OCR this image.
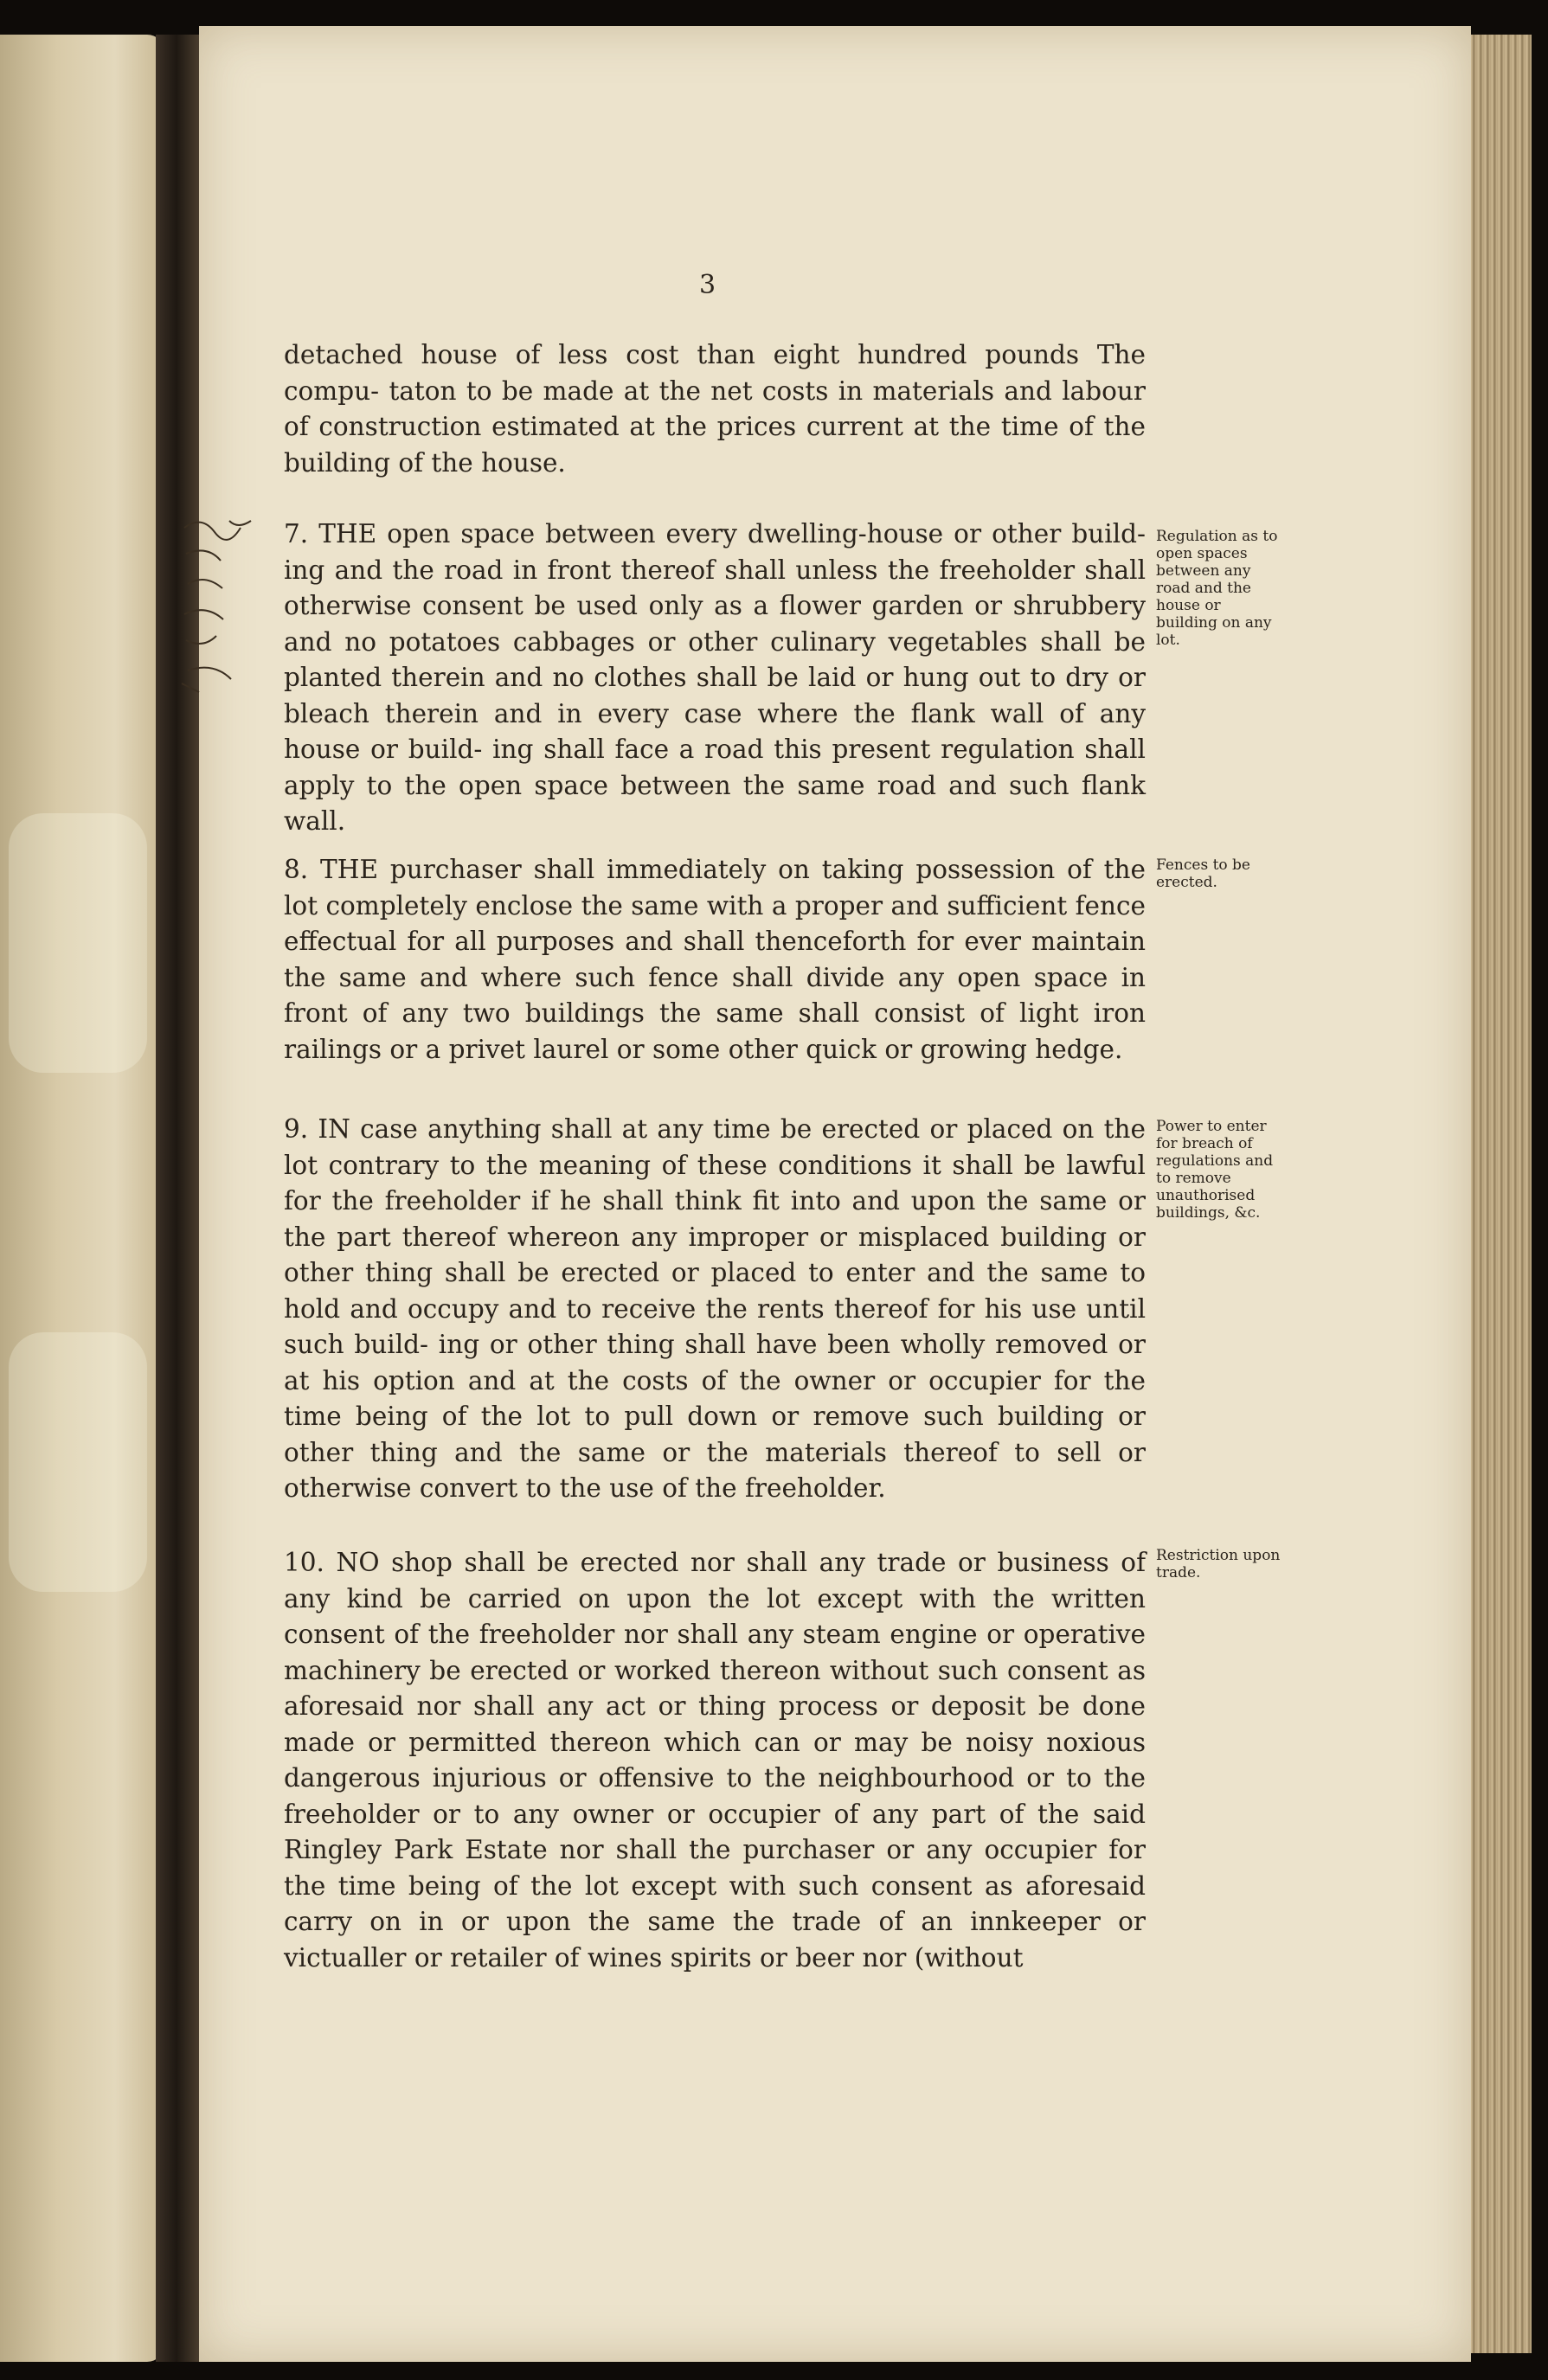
3

detached house of less cost than eight hundred pounds The compu- taton to be made at the net costs in materials and labour of construction estimated at the prices current at the time of the building of the house.

7. THE open space between every dwelling-house or other build- ing and the road in front thereof shall unless the freeholder shall otherwise consent be used only as a flower garden or shrubbery and no potatoes cabbages or other culinary vegetables shall be planted therein and no clothes shall be laid or hung out to dry or bleach therein and in every case where the flank wall of any house or build- ing shall face a road this present regulation shall apply to the open space between the same road and such flank wall.

Regulation as to open spaces between any road and the house or building on any lot.

8. THE purchaser shall immediately on taking possession of the lot completely enclose the same with a proper and sufficient fence effectual for all purposes and shall thenceforth for ever maintain the same and where such fence shall divide any open space in front of any two buildings the same shall consist of light iron railings or a privet laurel or some other quick or growing hedge.

Fences to be erected.

9. IN case anything shall at any time be erected or placed on the lot contrary to the meaning of these conditions it shall be lawful for the freeholder if he shall think fit into and upon the same or the part thereof whereon any improper or misplaced building or other thing shall be erected or placed to enter and the same to hold and occupy and to receive the rents thereof for his use until such build- ing or other thing shall have been wholly removed or at his option and at the costs of the owner or occupier for the time being of the lot to pull down or remove such building or other thing and the same or the materials thereof to sell or otherwise convert to the use of the freeholder.

Power to enter for breach of regulations and to remove unauthorised buildings, &c.

10. NO shop shall be erected nor shall any trade or business of any kind be carried on upon the lot except with the written consent of the freeholder nor shall any steam engine or operative machinery be erected or worked thereon without such consent as aforesaid nor shall any act or thing process or deposit be done made or permitted thereon which can or may be noisy noxious dangerous injurious or offensive to the neighbourhood or to the freeholder or to any owner or occupier of any part of the said Ringley Park Estate nor shall the purchaser or any occupier for the time being of the lot except with such consent as aforesaid carry on in or upon the same the trade of an innkeeper or victualler or retailer of wines spirits or beer nor (without

Restriction upon trade.
